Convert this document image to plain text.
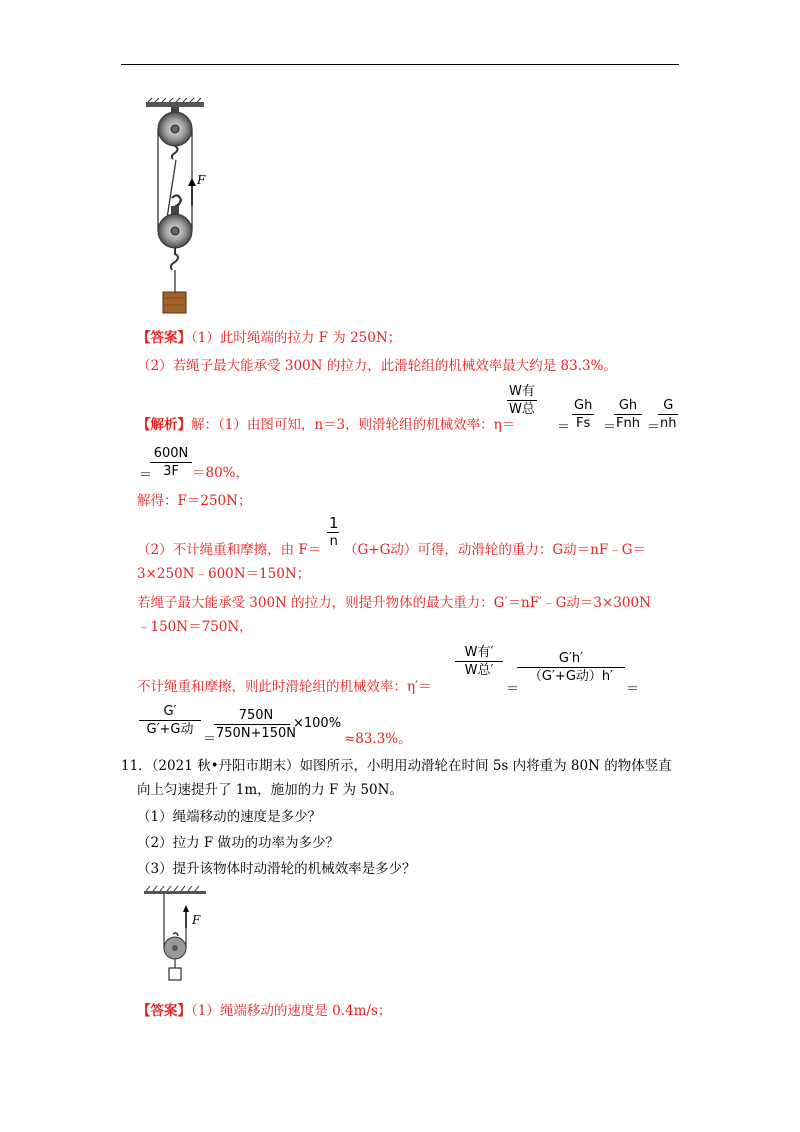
F
【答案】（1）此时绳端的拉力 F 为 250N；
（2）若绳子最大能承受 300N 的拉力，此滑轮组的机械效率最大约是 83.3%。
【解析】解：（1）由图可知，n＝3，则滑轮组的机械效率：η＝
W有
W总
＝
Gh
Fs ＝
Gh
Fnh ＝
G
nh
＝
600N
3F ＝80%，
解得：F＝250N；
（2）不计绳重和摩擦，由 F＝
1
n
（G+G动）可得，动滑轮的重力：G动＝nF﹣G＝
3×250N﹣600N＝150N；
若绳子最大能承受 300N 的拉力，则提升物体的最大重力：G′＝nF′﹣G动＝3×300N
﹣150N＝750N，
不计绳重和摩擦，则此时滑轮组的机械效率：η′＝
W有′
W总′
＝
G′h′
（G′+G动）h′
＝
G′
G′+G动
＝
750N
750N+150N
×100%
≈83.3%。
11．（2021 秋•丹阳市期末）如图所示，小明用动滑轮在时间 5s 内将重为 80N 的物体竖直
向上匀速提升了 1m，施加的力 F 为 50N。
（1）绳端移动的速度是多少？
（2）拉力 F 做功的功率为多少？
（3）提升该物体时动滑轮的机械效率是多少？
F
【答案】（1）绳端移动的速度是 0.4m/s；
